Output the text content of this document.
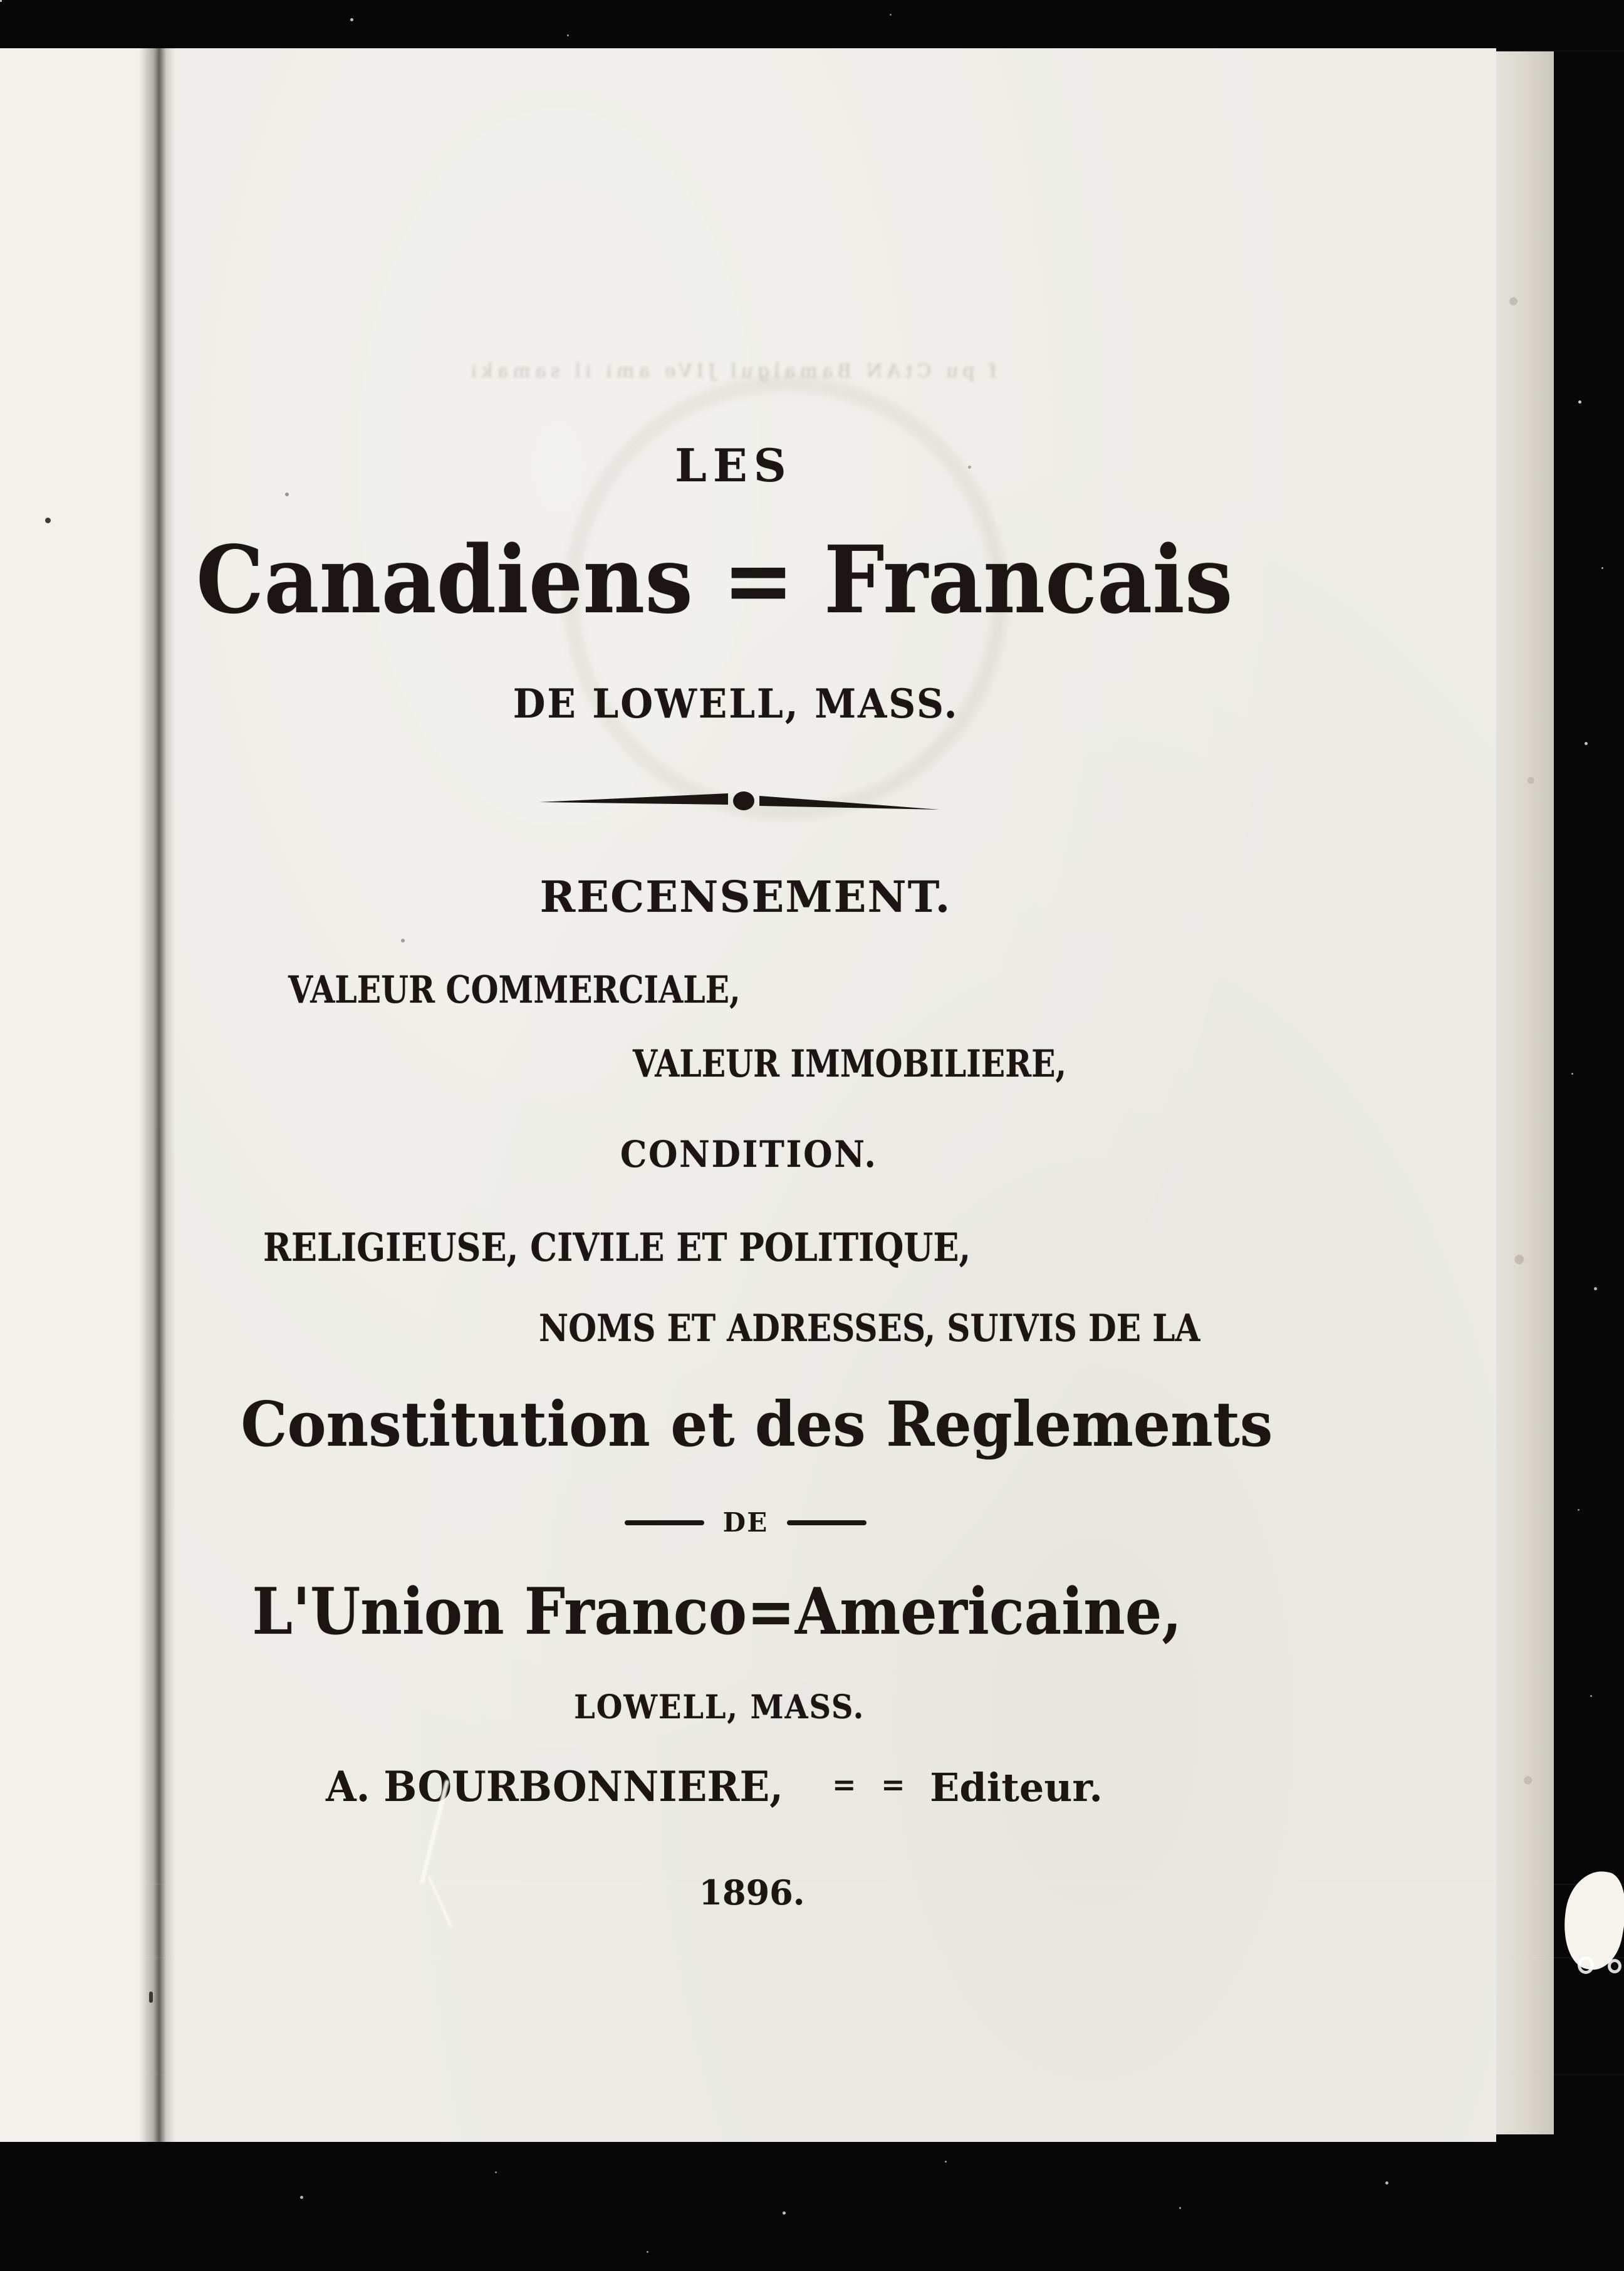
f pu CtAN Bamalgul JIVe ami il samaki
LES
Canadiens = Francais
DE LOWELL, MASS.
RECENSEMENT.
VALEUR COMMERCIALE,
VALEUR IMMOBILIERE,
CONDITION.
RELIGIEUSE, CIVILE ET POLITIQUE,
NOMS ET ADRESSES, SUIVIS DE LA
Constitution et des Reglements
DE
L'Union Franco=Americaine,
LOWELL, MASS.
A. BOURBONNIERE, = = Editeur.
1896.
